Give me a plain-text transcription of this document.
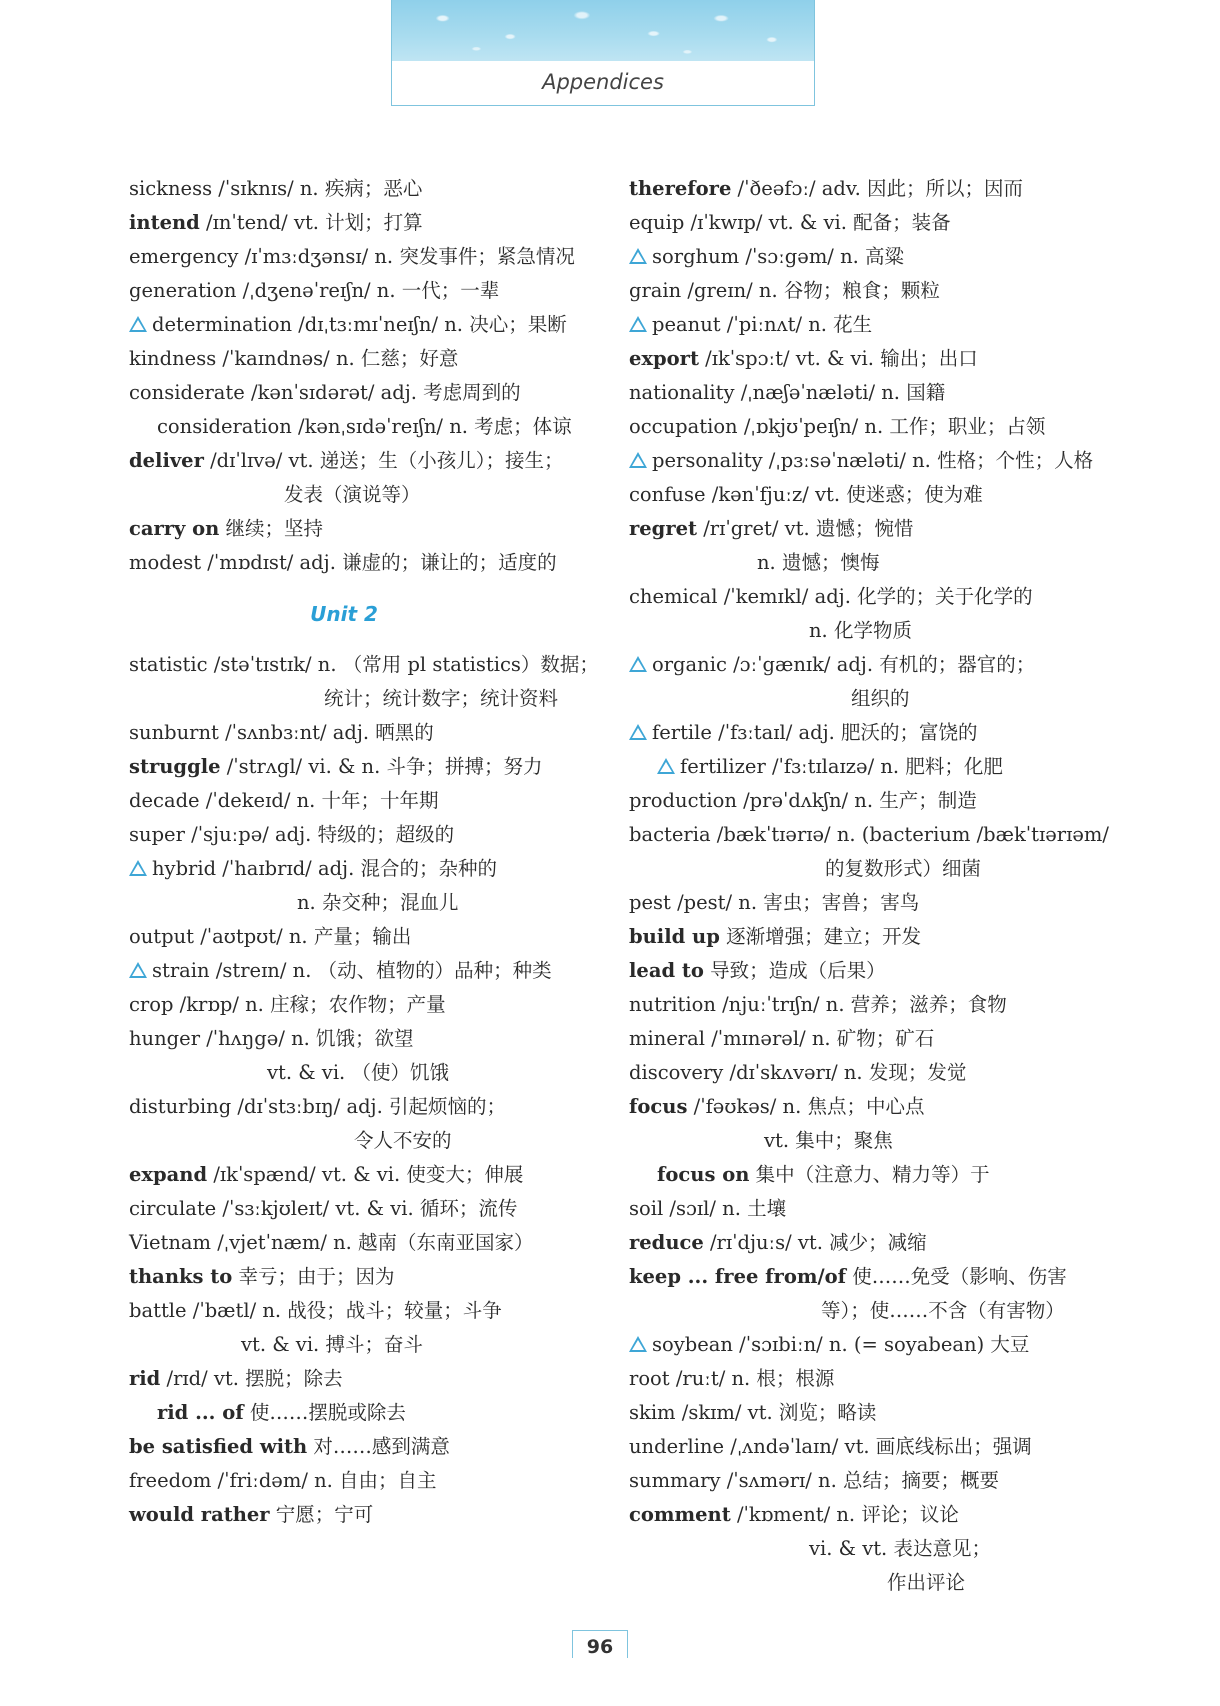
Appendices
sickness /ˈsɪknɪs/ n. 疾病；恶心
intend /ɪnˈtend/ vt. 计划；打算
emergency /ɪˈmɜːdʒənsɪ/ n. 突发事件；紧急情况
generation /ˌdʒenəˈreɪʃn/ n. 一代；一辈
determination /dɪˌtɜːmɪˈneɪʃn/ n. 决心；果断
kindness /ˈkaɪndnəs/ n. 仁慈；好意
considerate /kənˈsɪdərət/ adj. 考虑周到的
consideration /kənˌsɪdəˈreɪʃn/ n. 考虑；体谅
deliver /dɪˈlɪvə/ vt. 递送；生（小孩儿）；接生；
发表（演说等）
carry on 继续；坚持
modest /ˈmɒdɪst/ adj. 谦虚的；谦让的；适度的
Unit 2
statistic /stəˈtɪstɪk/ n. （常用 pl statistics）数据；
统计；统计数字；统计资料
sunburnt /ˈsʌnbɜːnt/ adj. 晒黑的
struggle /ˈstrʌgl/ vi. & n. 斗争；拼搏；努力
decade /ˈdekeɪd/ n. 十年；十年期
super /ˈsjuːpə/ adj. 特级的；超级的
hybrid /ˈhaɪbrɪd/ adj. 混合的；杂种的
n. 杂交种；混血儿
output /ˈaʊtpʊt/ n. 产量；输出
strain /streɪn/ n. （动、植物的）品种；种类
crop /krɒp/ n. 庄稼；农作物；产量
hunger /ˈhʌŋgə/ n. 饥饿；欲望
vt. & vi. （使）饥饿
disturbing /dɪˈstɜːbɪŋ/ adj. 引起烦恼的；
令人不安的
expand /ɪkˈspænd/ vt. & vi. 使变大；伸展
circulate /ˈsɜːkjʊleɪt/ vt. & vi. 循环；流传
Vietnam /ˌvjetˈnæm/ n. 越南（东南亚国家）
thanks to 幸亏；由于；因为
battle /ˈbætl/ n. 战役；战斗；较量；斗争
vt. & vi. 搏斗；奋斗
rid /rɪd/ vt. 摆脱；除去
rid ... of 使……摆脱或除去
be satisfied with 对……感到满意
freedom /ˈfriːdəm/ n. 自由；自主
would rather 宁愿；宁可
therefore /ˈðeəfɔː/ adv. 因此；所以；因而
equip /ɪˈkwɪp/ vt. & vi. 配备；装备
sorghum /ˈsɔːgəm/ n. 高粱
grain /greɪn/ n. 谷物；粮食；颗粒
peanut /ˈpiːnʌt/ n. 花生
export /ɪkˈspɔːt/ vt. & vi. 输出；出口
nationality /ˌnæʃəˈnæləti/ n. 国籍
occupation /ˌɒkjʊˈpeɪʃn/ n. 工作；职业；占领
personality /ˌpɜːsəˈnæləti/ n. 性格；个性；人格
confuse /kənˈfjuːz/ vt. 使迷惑；使为难
regret /rɪˈgret/ vt. 遗憾；惋惜
n. 遗憾；懊悔
chemical /ˈkemɪkl/ adj. 化学的；关于化学的
n. 化学物质
organic /ɔːˈgænɪk/ adj. 有机的；器官的；
组织的
fertile /ˈfɜːtaɪl/ adj. 肥沃的；富饶的
fertilizer /ˈfɜːtɪlaɪzə/ n. 肥料；化肥
production /prəˈdʌkʃn/ n. 生产；制造
bacteria /bækˈtɪərɪə/ n. (bacterium /bækˈtɪərɪəm/
的复数形式）细菌
pest /pest/ n. 害虫；害兽；害鸟
build up 逐渐增强；建立；开发
lead to 导致；造成（后果）
nutrition /njuːˈtrɪʃn/ n. 营养；滋养；食物
mineral /ˈmɪnərəl/ n. 矿物；矿石
discovery /dɪˈskʌvərɪ/ n. 发现；发觉
focus /ˈfəʊkəs/ n. 焦点；中心点
vt. 集中；聚焦
focus on 集中（注意力、精力等）于
soil /sɔɪl/ n. 土壤
reduce /rɪˈdjuːs/ vt. 减少；减缩
keep ... free from/of 使……免受（影响、伤害
等）；使……不含（有害物）
soybean /ˈsɔɪbiːn/ n. (= soyabean) 大豆
root /ruːt/ n. 根；根源
skim /skɪm/ vt. 浏览；略读
underline /ˌʌndəˈlaɪn/ vt. 画底线标出；强调
summary /ˈsʌmərɪ/ n. 总结；摘要；概要
comment /ˈkɒment/ n. 评论；议论
vi. & vt. 表达意见；
作出评论
96
